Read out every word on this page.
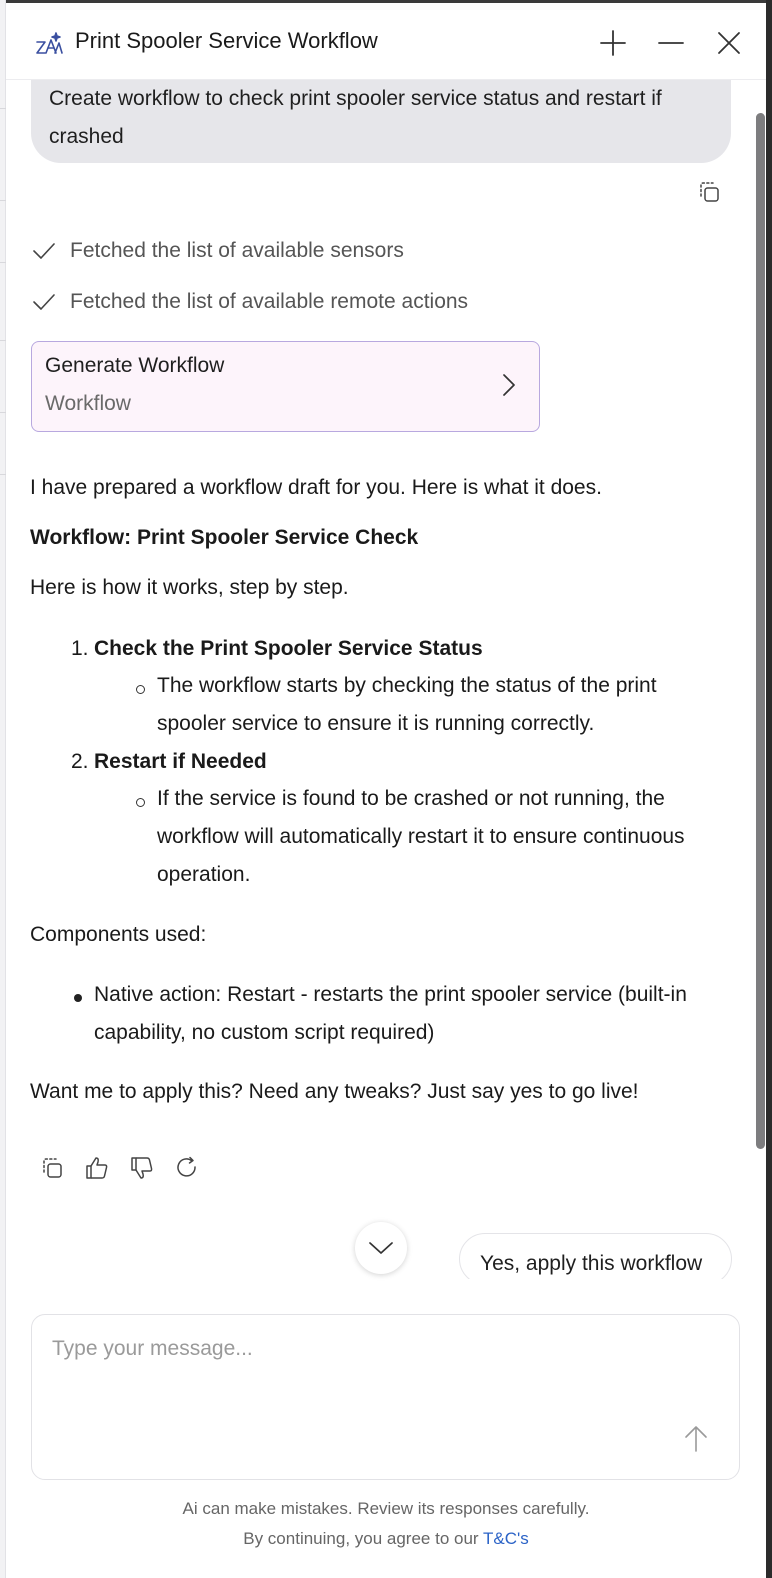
Print Spooler Service Workflow
Create workflow to check print spooler service status and restart if crashed
Fetched the list of available sensors
Fetched the list of available remote actions
Generate Workflow
Workflow
I have prepared a workflow draft for you. Here is what it does.
Workflow: Print Spooler Service Check
Here is how it works, step by step.
1. Check the Print Spooler Service Status
The workflow starts by checking the status of the print
spooler service to ensure it is running correctly.
2. Restart if Needed
If the service is found to be crashed or not running, the
workflow will automatically restart it to ensure continuous
operation.
Components used:
Native action: Restart - restarts the print spooler service (built-in
capability, no custom script required)
Want me to apply this? Need any tweaks? Just say yes to go live!
Yes, apply this workflow
Type your message...
Ai can make mistakes. Review its responses carefully.
By continuing, you agree to our T&C's
